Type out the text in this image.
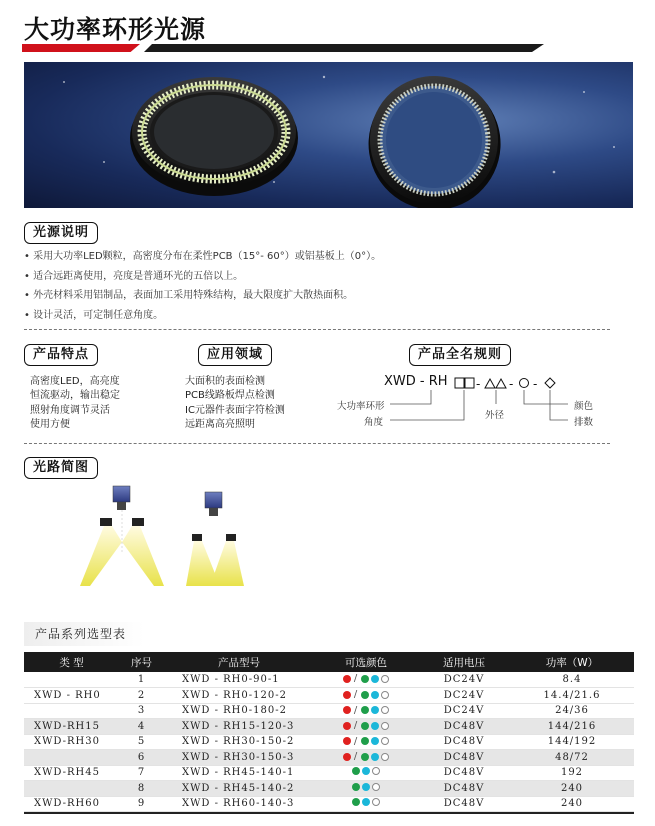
大功率环形光源
光源说明
• 采用大功率LED颗粒，高密度分布在柔性PCB（15°- 60°）或铝基板上（0°）。
• 适合远距离使用，亮度是普通环光的五倍以上。
• 外壳材料采用铝制品，表面加工采用特殊结构，最大限度扩大散热面积。
• 设计灵活，可定制任意角度。
产品特点
高密度LED，高亮度
恒流驱动，输出稳定
照射角度调节灵活
使用方便
应用领域
大面积的表面检测
PCB线路板焊点检测
IC元器件表面字符检测
远距离高亮照明
产品全名规则
XWD - RH - - -
大功率环形
角度
外径
颜色
排数
光路简图
产品系列选型表
类 型	序号	产品型号	可选颜色	适用电压	功率（W）
	1	XWD - RH0-90-1	/	DC24V	8.4
XWD - RH0	2	XWD - RH0-120-2	/	DC24V	14.4/21.6
	3	XWD - RH0-180-2	/	DC24V	24/36
XWD-RH15	4	XWD - RH15-120-3	/	DC48V	144/216
XWD-RH30	5	XWD - RH30-150-2	/	DC48V	144/192
	6	XWD - RH30-150-3	/	DC48V	48/72
XWD-RH45	7	XWD - RH45-140-1		DC48V	192
	8	XWD - RH45-140-2		DC48V	240
XWD-RH60	9	XWD - RH60-140-3		DC48V	240
